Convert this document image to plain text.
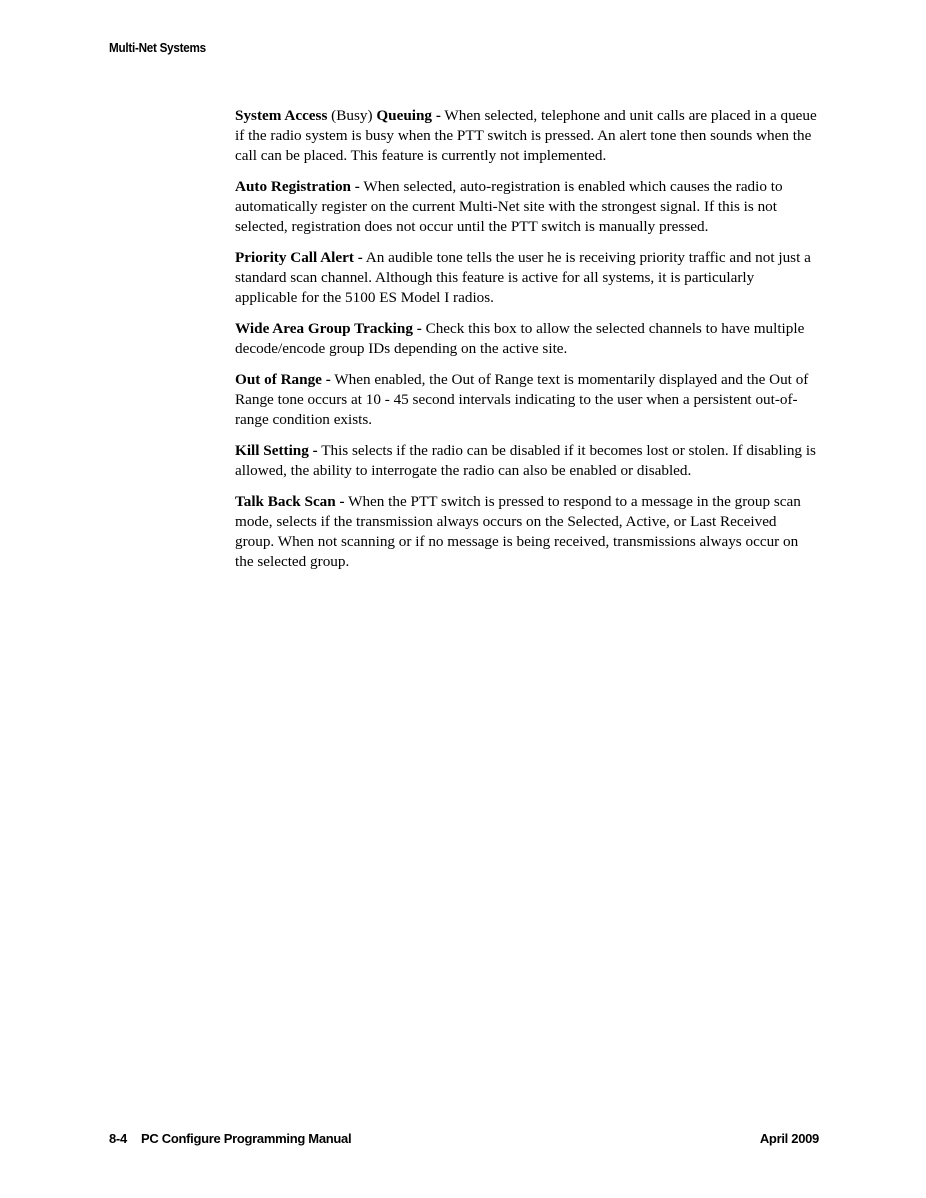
Multi-Net Systems

System Access (Busy) Queuing - When selected, telephone and unit calls are placed in a queue if the radio system is busy when the PTT switch is pressed. An alert tone then sounds when the call can be placed. This feature is currently not implemented.

Auto Registration - When selected, auto-registration is enabled which causes the radio to automatically register on the current Multi-Net site with the strongest signal. If this is not selected, registration does not occur until the PTT switch is manually pressed.

Priority Call Alert - An audible tone tells the user he is receiving priority traffic and not just a standard scan channel. Although this feature is active for all systems, it is particularly applicable for the 5100 ES Model I radios.

Wide Area Group Tracking - Check this box to allow the selected channels to have multiple decode/encode group IDs depending on the active site.

Out of Range - When enabled, the Out of Range text is momentarily displayed and the Out of Range tone occurs at 10 - 45 second intervals indicating to the user when a persistent out-of-range condition exists.

Kill Setting - This selects if the radio can be disabled if it becomes lost or stolen. If disabling is allowed, the ability to interrogate the radio can also be enabled or disabled.

Talk Back Scan - When the PTT switch is pressed to respond to a message in the group scan mode, selects if the transmission always occurs on the Selected, Active, or Last Received group. When not scanning or if no message is being received, transmissions always occur on the selected group.

8-4 PC Configure Programming Manual	April 2009
